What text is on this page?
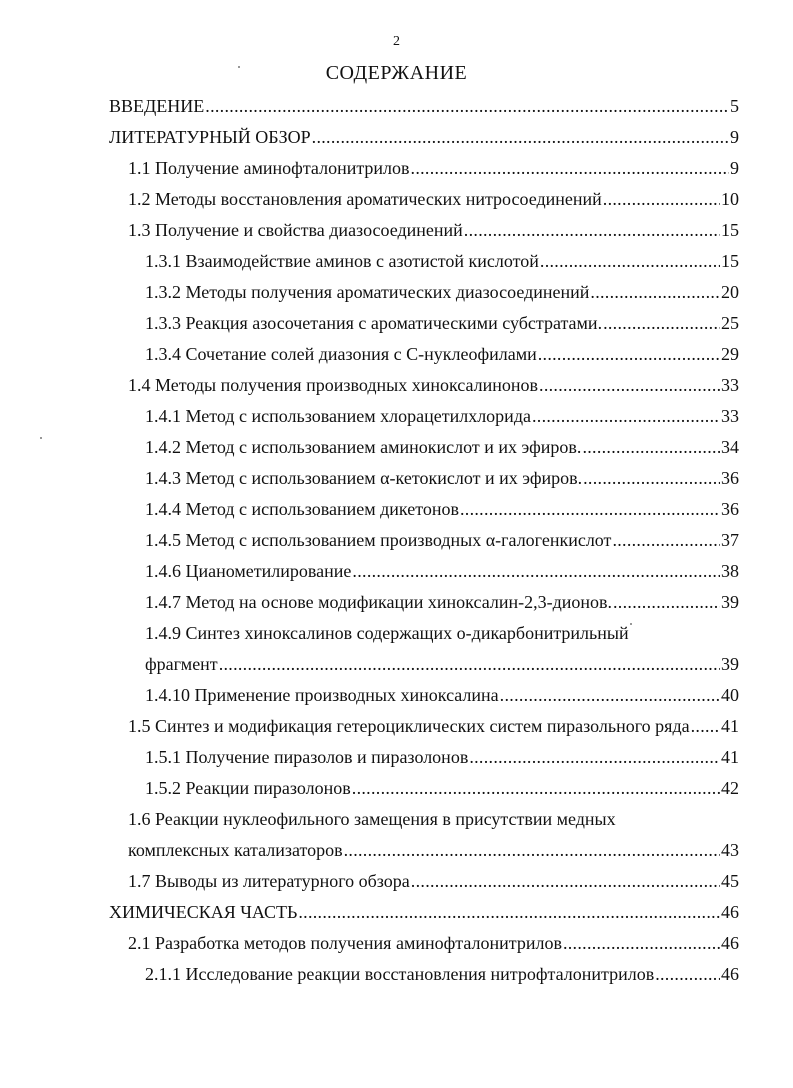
2
СОДЕРЖАНИЕ
ВВЕДЕНИЕ .....	5
ЛИТЕРАТУРНЫЙ ОБЗОР .....	9
1.1 Получение аминофталонитрилов .....	9
1.2 Методы восстановления ароматических нитросоединений .....	10
1.3 Получение и свойства диазосоединений .....	15
1.3.1 Взаимодействие аминов с азотистой кислотой .....	15
1.3.2 Методы получения ароматических диазосоединений .....	20
1.3.3 Реакция азосочетания с ароматическими субстратами. .....	25
1.3.4 Сочетание солей диазония с С-нуклеофилами .....	29
1.4 Методы получения производных хиноксалинонов .....	33
1.4.1 Метод с использованием хлорацетилхлорида .....	33
1.4.2 Метод с использованием аминокислот и их эфиров. .....	34
1.4.3 Метод с использованием α-кетокислот и их эфиров. .....	36
1.4.4 Метод с использованием дикетонов .....	36
1.4.5 Метод с использованием производных α-галогенкислот .....	37
1.4.6 Цианометилирование .....	38
1.4.7 Метод на основе модификации хиноксалин-2,3-дионов. .....	39
1.4.9 Синтез хиноксалинов содержащих о-дикарбонитрильный
фрагмент .....	39
1.4.10 Применение производных хиноксалина .....	40
1.5 Синтез и модификация гетероциклических систем пиразольного ряда ..... 41
1.5.1 Получение пиразолов и пиразолонов .....	41
1.5.2 Реакции пиразолонов .....	42
1.6 Реакции нуклеофильного замещения в присутствии медных
комплексных катализаторов .....	43
1.7 Выводы из литературного обзора .....	45
ХИМИЧЕСКАЯ ЧАСТЬ .....	46
2.1 Разработка методов получения аминофталонитрилов .....	46
2.1.1 Исследование реакции восстановления нитрофталонитрилов .....	46
